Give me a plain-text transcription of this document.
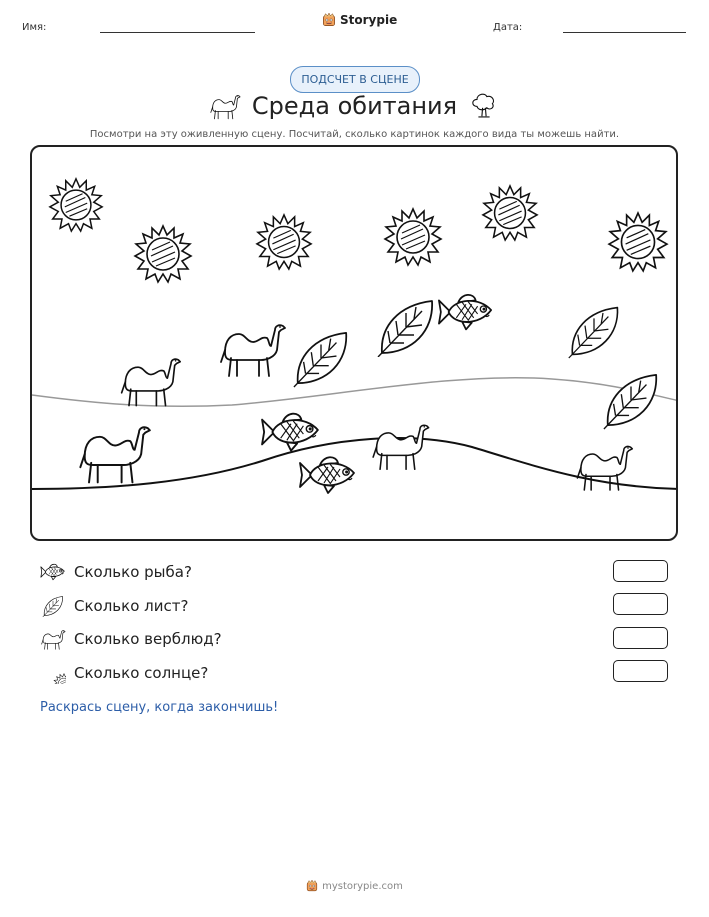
Имя:
Storypie
Дата:
ПОДСЧЕТ В СЦЕНЕ
Среда обитания
Посмотри на эту оживленную сцену. Посчитай, сколько картинок каждого вида ты можешь найти.
Сколько рыба?
Сколько лист?
Сколько верблюд?
Сколько солнце?
Раскрась сцену, когда закончишь!
mystorypie.com
